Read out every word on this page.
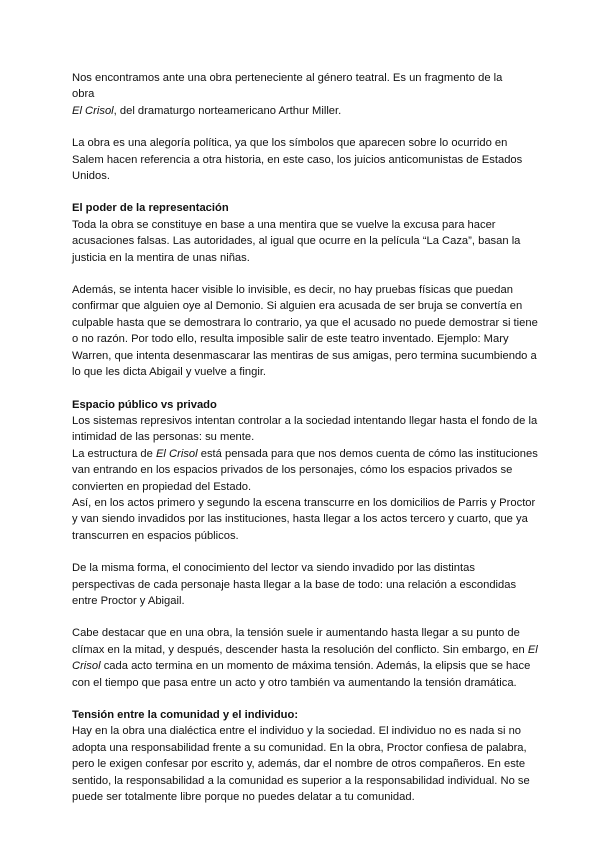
Nos encontramos ante una obra perteneciente al género teatral. Es un fragmento de la obra
El Crisol, del dramaturgo norteamericano Arthur Miller.

La obra es una alegoría política, ya que los símbolos que aparecen sobre lo ocurrido en Salem hacen referencia a otra historia, en este caso, los juicios anticomunistas de Estados Unidos.

El poder de la representación

Toda la obra se constituye en base a una mentira que se vuelve la excusa para hacer acusaciones falsas. Las autoridades, al igual que ocurre en la película “La Caza”, basan la justicia en la mentira de unas niñas.

Además, se intenta hacer visible lo invisible, es decir, no hay pruebas físicas que puedan confirmar que alguien oye al Demonio. Si alguien era acusada de ser bruja se convertía en culpable hasta que se demostrara lo contrario, ya que el acusado no puede demostrar si tiene o no razón. Por todo ello, resulta imposible salir de este teatro inventado. Ejemplo: Mary Warren, que intenta desenmascarar las mentiras de sus amigas, pero termina sucumbiendo a lo que les dicta Abigail y vuelve a fingir.

Espacio público vs privado

Los sistemas represivos intentan controlar a la sociedad intentando llegar hasta el fondo de la intimidad de las personas: su mente.

La estructura de El Crisol está pensada para que nos demos cuenta de cómo las instituciones van entrando en los espacios privados de los personajes, cómo los espacios privados se convierten en propiedad del Estado.

Así, en los actos primero y segundo la escena transcurre en los domicilios de Parris y Proctor y van siendo invadidos por las instituciones, hasta llegar a los actos tercero y cuarto, que ya transcurren en espacios públicos.

De la misma forma, el conocimiento del lector va siendo invadido por las distintas perspectivas de cada personaje hasta llegar a la base de todo: una relación a escondidas entre Proctor y Abigail.

Cabe destacar que en una obra, la tensión suele ir aumentando hasta llegar a su punto de clímax en la mitad, y después, descender hasta la resolución del conflicto. Sin embargo, en El Crisol cada acto termina en un momento de máxima tensión. Además, la elipsis que se hace con el tiempo que pasa entre un acto y otro también va aumentando la tensión dramática.

Tensión entre la comunidad y el individuo:

Hay en la obra una dialéctica entre el individuo y la sociedad. El individuo no es nada si no adopta una responsabilidad frente a su comunidad. En la obra, Proctor confiesa de palabra, pero le exigen confesar por escrito y, además, dar el nombre de otros compañeros. En este sentido, la responsabilidad a la comunidad es superior a la responsabilidad individual. No se puede ser totalmente libre porque no puedes delatar a tu comunidad.
